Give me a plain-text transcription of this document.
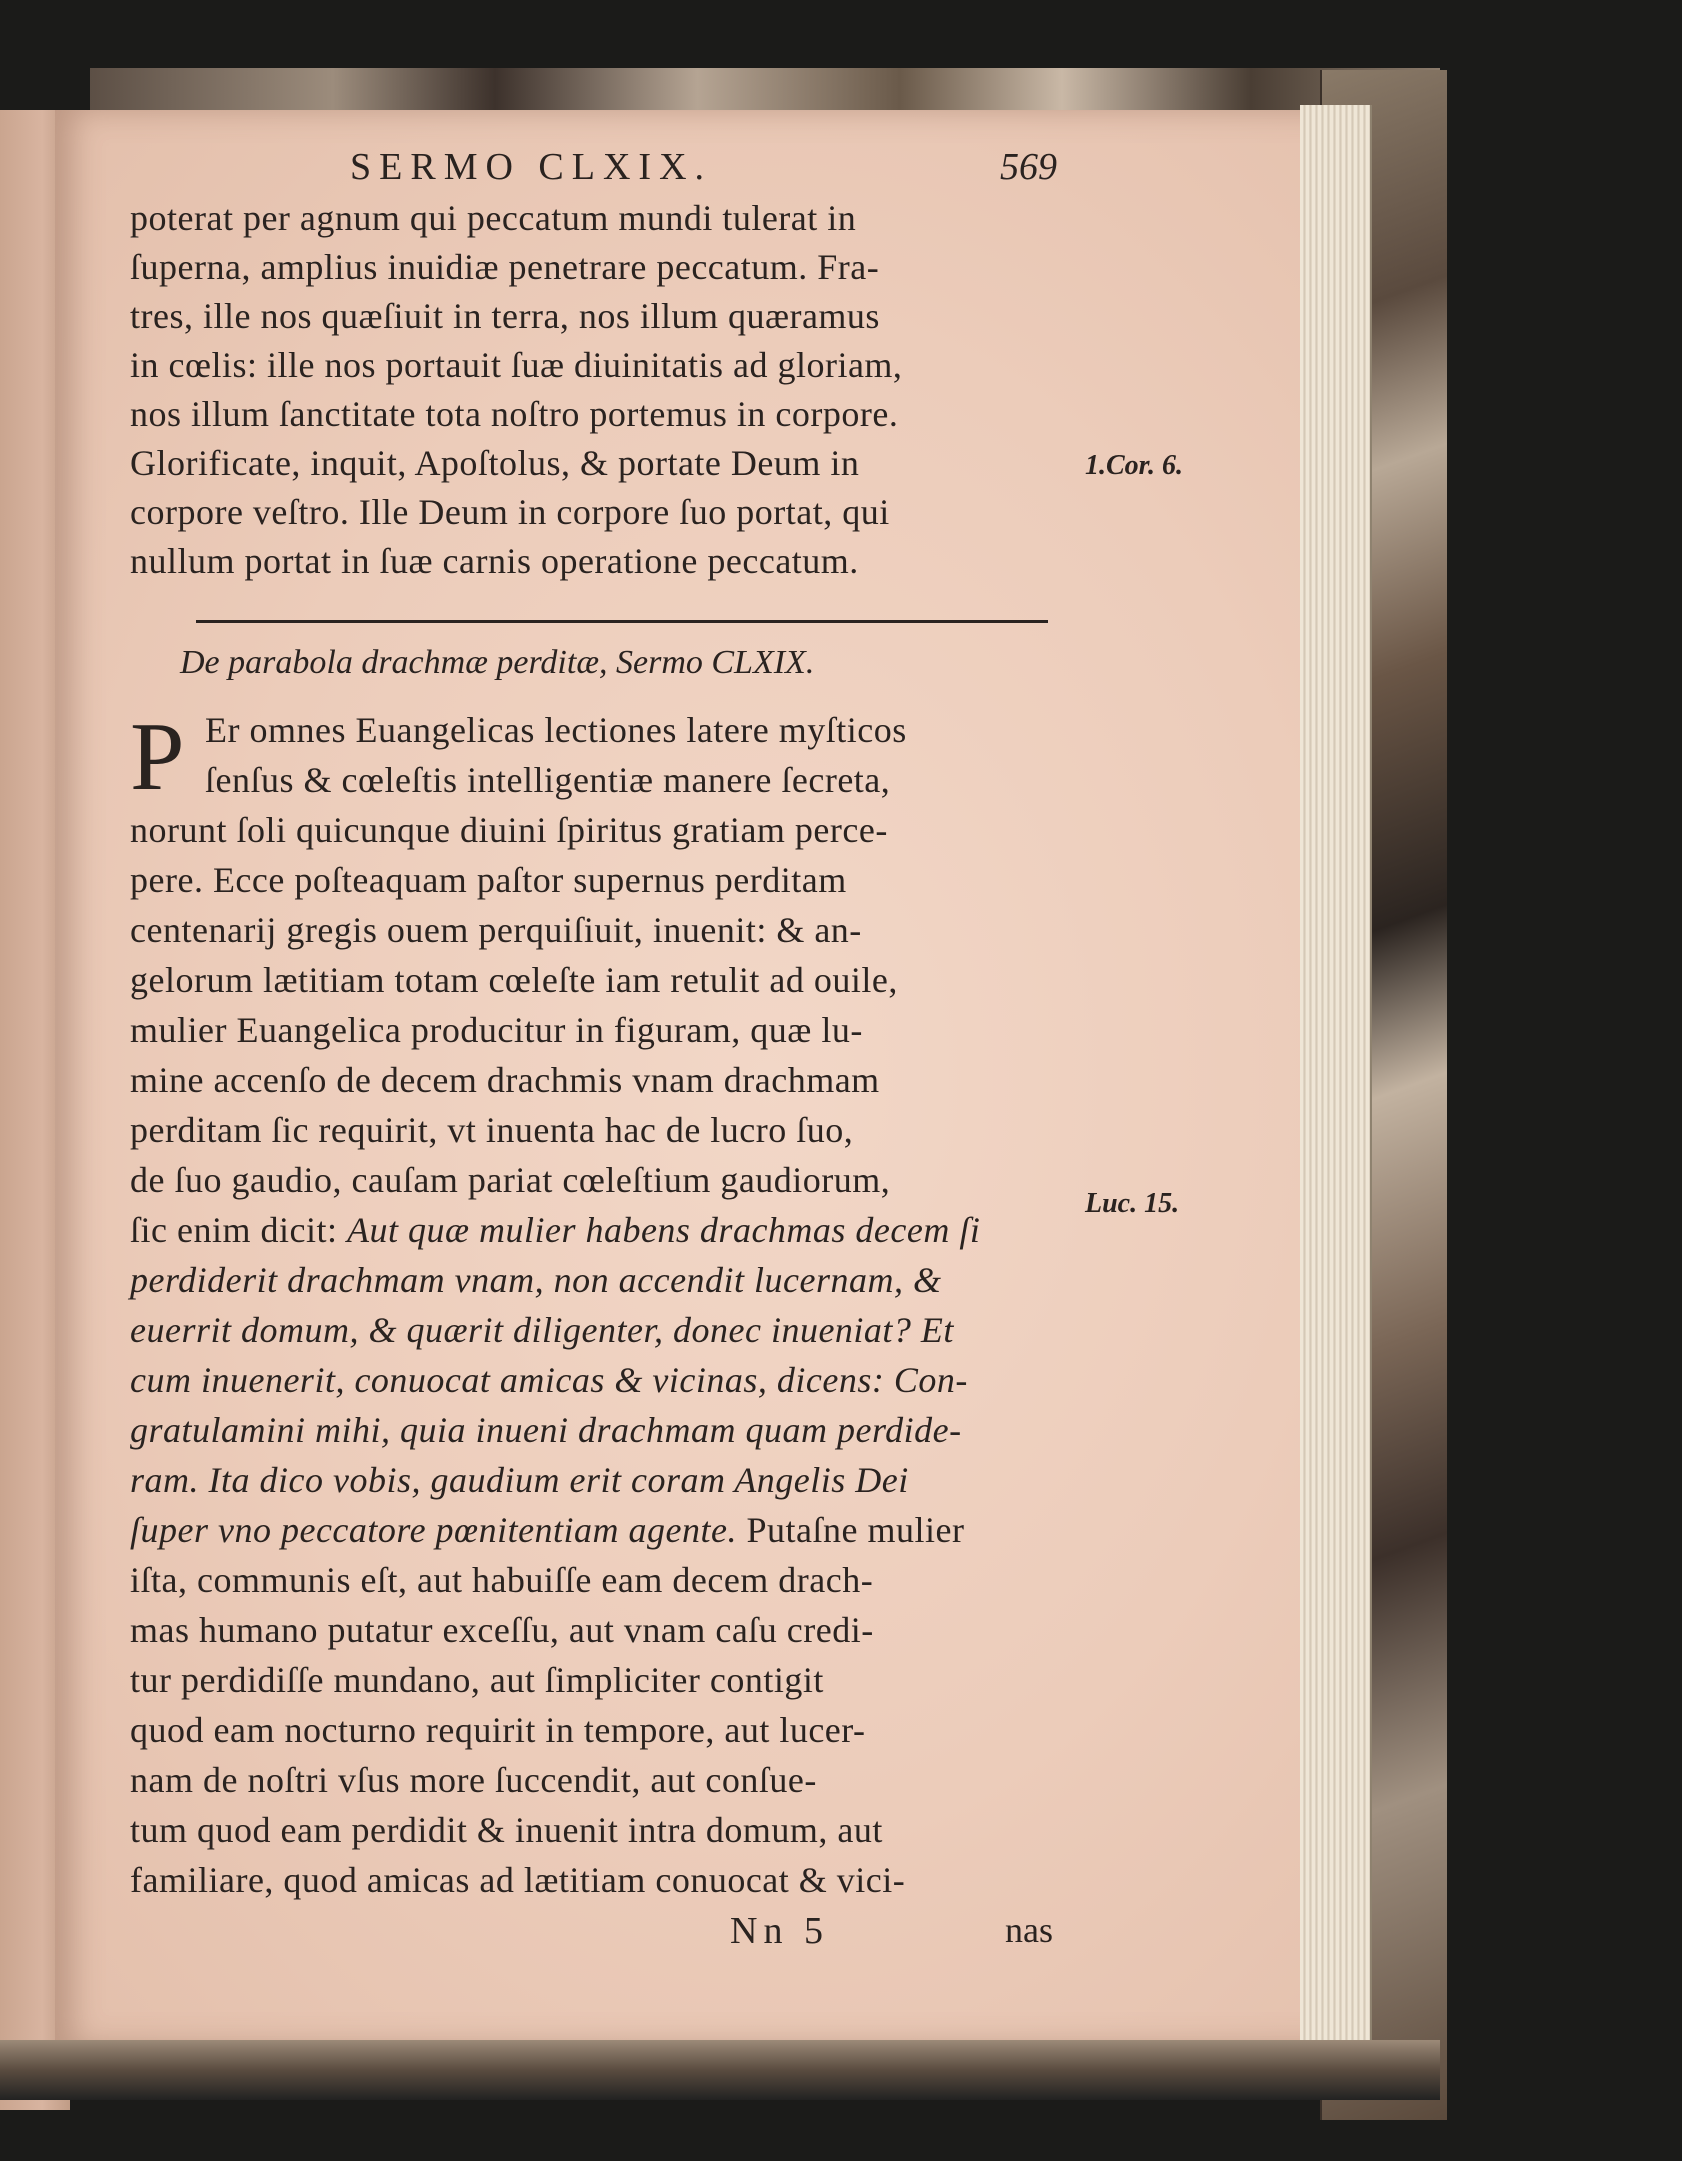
SERMO CLXIX.	569
poterat per agnum qui peccatum mundi tulerat in
ſuperna, amplius inuidiæ penetrare peccatum. Fra-
tres, ille nos quæſiuit in terra, nos illum quæramus
in cœlis: ille nos portauit ſuæ diuinitatis ad gloriam,
nos illum ſanctitate tota noſtro portemus in corpore.
Glorificate, inquit, Apoſtolus, & portate Deum in	1.Cor. 6.
corpore veſtro. Ille Deum in corpore ſuo portat, qui
nullum portat in ſuæ carnis operatione peccatum.
De parabola drachmæ perditæ, Sermo CLXIX.
P Er omnes Euangelicas lectiones latere myſticos
ſenſus & cœleſtis intelligentiæ manere ſecreta,
norunt ſoli quicunque diuini ſpiritus gratiam perce-
pere. Ecce poſteaquam paſtor supernus perditam
centenarij gregis ouem perquiſiuit, inuenit: & an-
gelorum lætitiam totam cœleſte iam retulit ad ouile,
mulier Euangelica producitur in figuram, quæ lu-
mine accenſo de decem drachmis vnam drachmam
perditam ſic requirit, vt inuenta hac de lucro ſuo,
de ſuo gaudio, cauſam pariat cœleſtium gaudiorum,
ſic enim dicit: Aut quæ mulier habens drachmas decem ſi
Luc. 15.
perdiderit drachmam vnam, non accendit lucernam, &
euerrit domum, & quærit diligenter, donec inueniat? Et
cum inuenerit, conuocat amicas & vicinas, dicens: Con-
gratulamini mihi, quia inueni drachmam quam perdide-
ram. Ita dico vobis, gaudium erit coram Angelis Dei
ſuper vno peccatore pœnitentiam agente. Putaſne mulier
iſta, communis eſt, aut habuiſſe eam decem drach-
mas humano putatur exceſſu, aut vnam caſu credi-
tur perdidiſſe mundano, aut ſimpliciter contigit
quod eam nocturno requirit in tempore, aut lucer-
nam de noſtri vſus more ſuccendit, aut conſue-
tum quod eam perdidit & inuenit intra domum, aut
familiare, quod amicas ad lætitiam conuocat & vici-
Nn 5	nas
